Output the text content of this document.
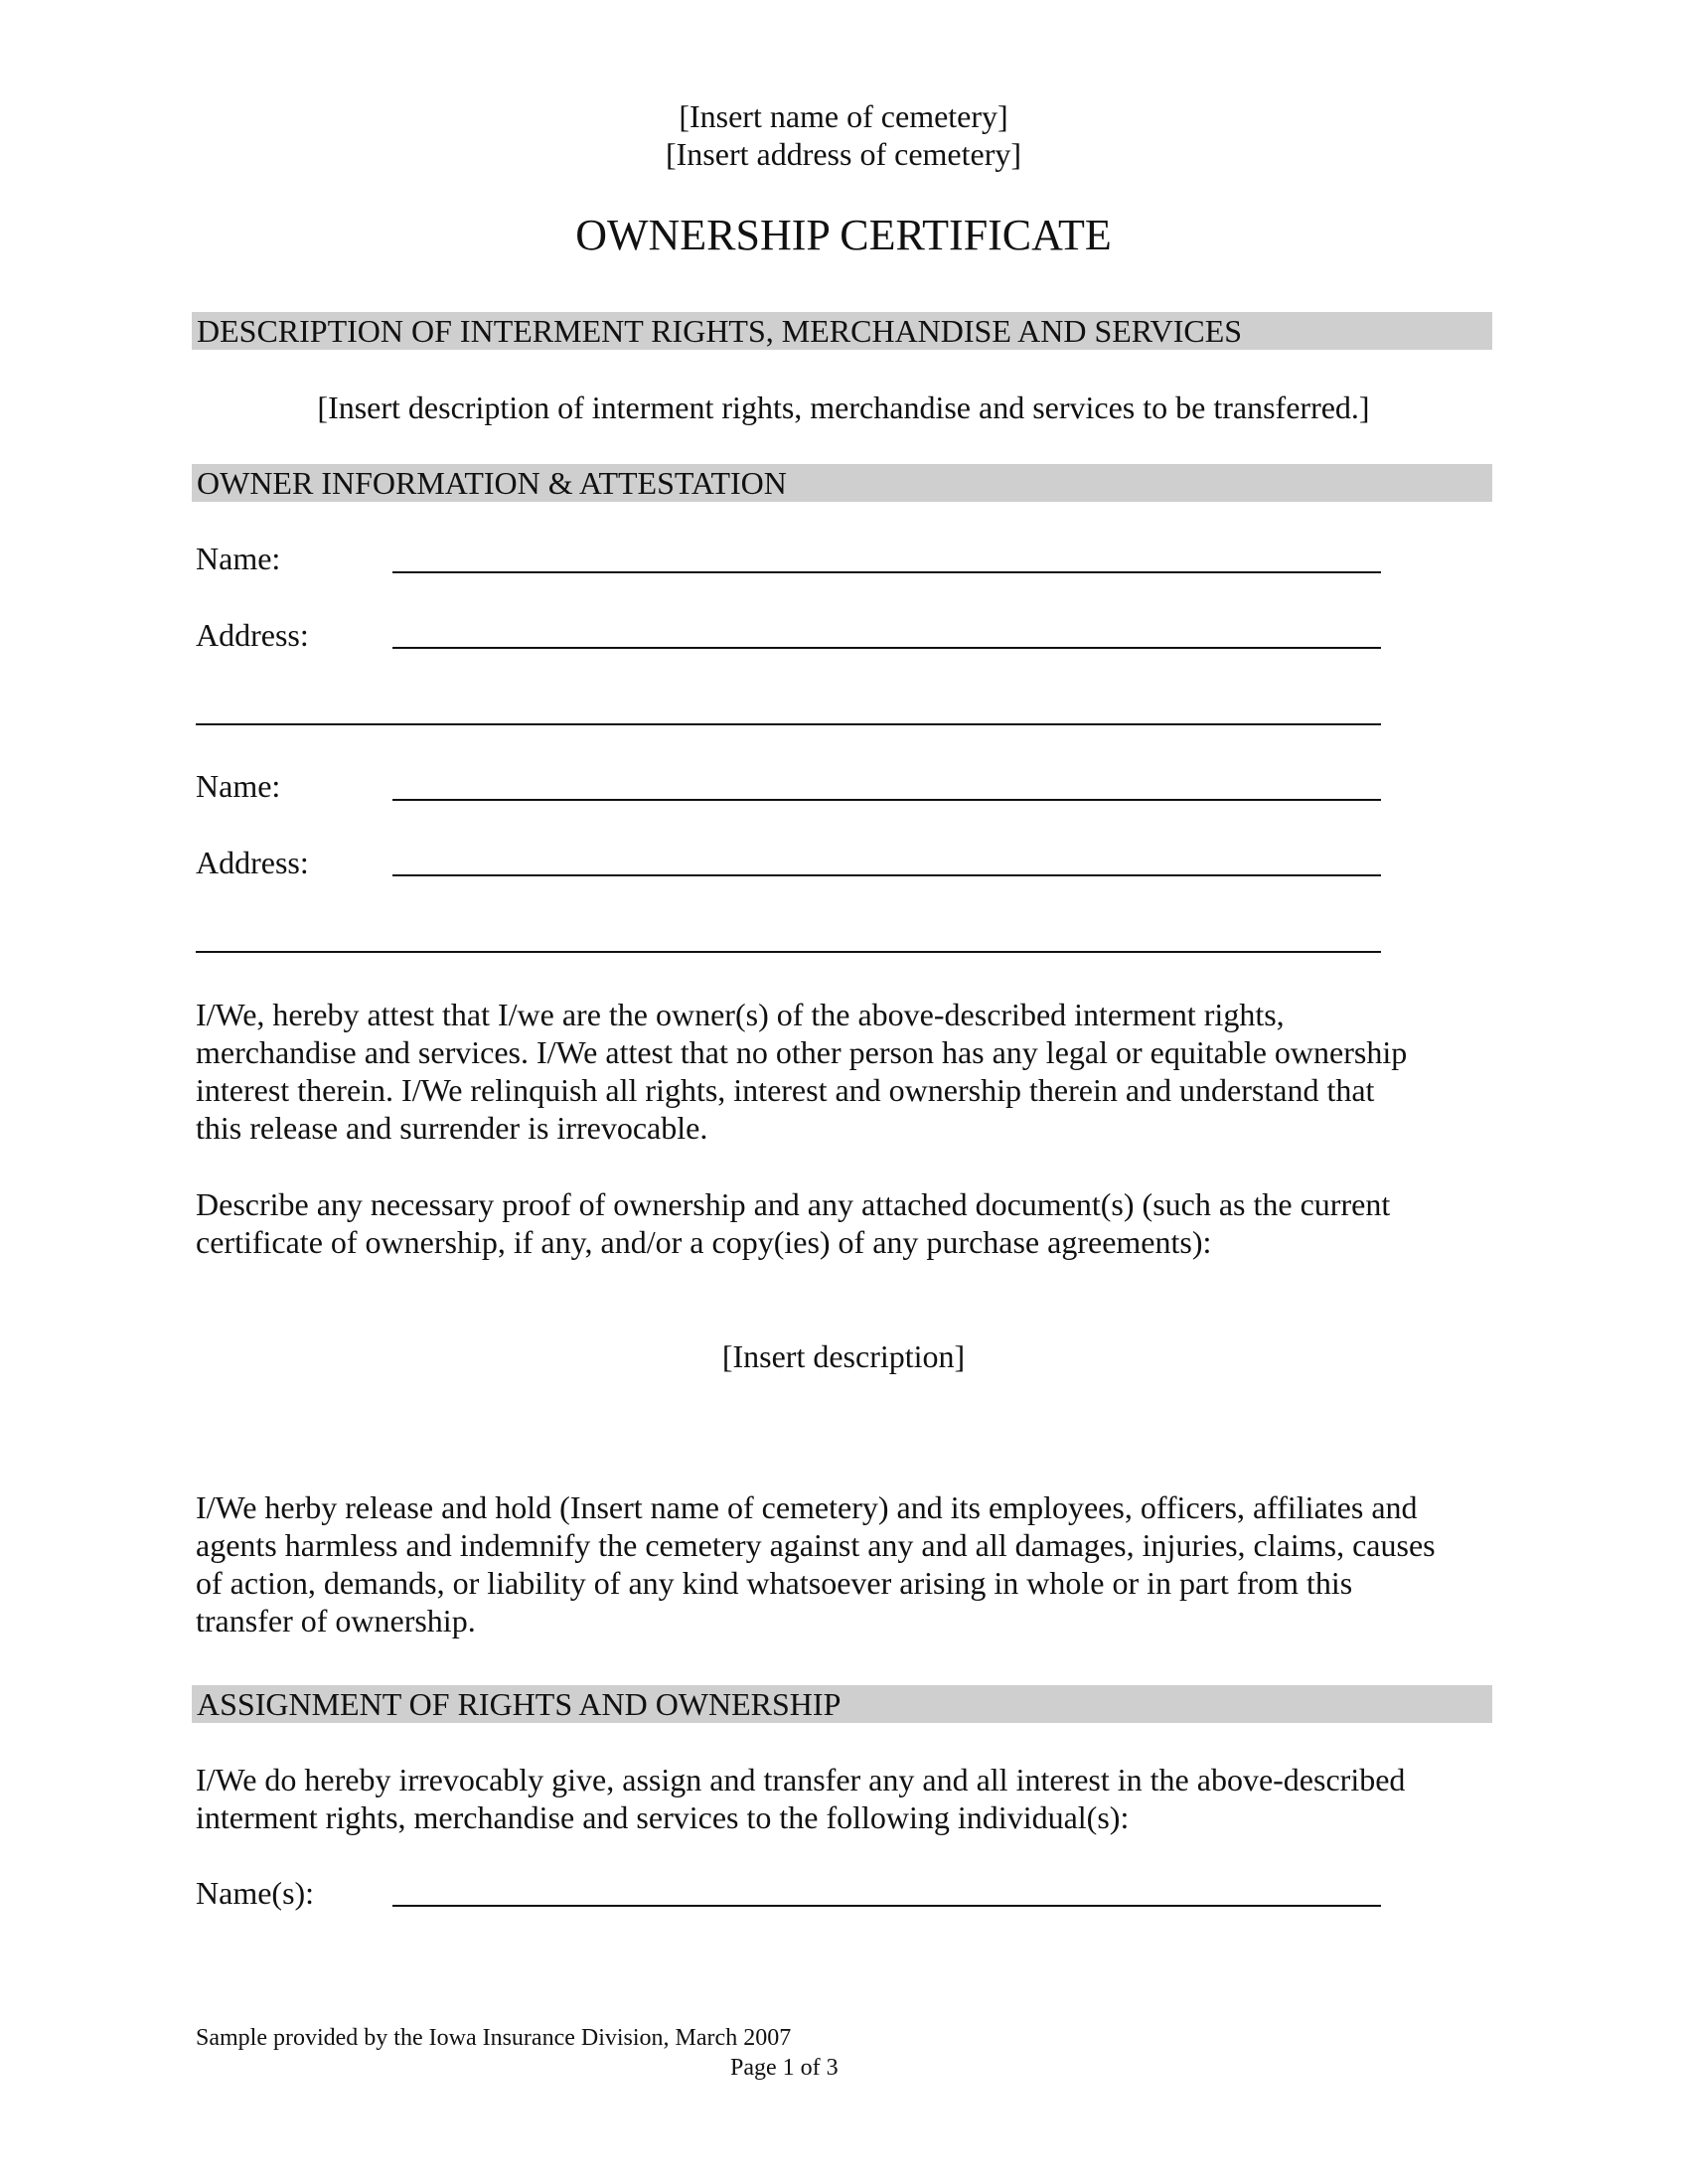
[Insert name of cemetery]
[Insert address of cemetery]
OWNERSHIP CERTIFICATE
DESCRIPTION OF INTERMENT RIGHTS, MERCHANDISE AND SERVICES
[Insert description of interment rights, merchandise and services to be transferred.]
OWNER INFORMATION & ATTESTATION
Name:
Address:
Name:
Address:
I/We, hereby attest that I/we are the owner(s) of the above-described interment rights,
merchandise and services. I/We attest that no other person has any legal or equitable ownership
interest therein. I/We relinquish all rights, interest and ownership therein and understand that
this release and surrender is irrevocable.
Describe any necessary proof of ownership and any attached document(s) (such as the current
certificate of ownership, if any, and/or a copy(ies) of any purchase agreements):
[Insert description]
I/We herby release and hold (Insert name of cemetery) and its employees, officers, affiliates and
agents harmless and indemnify the cemetery against any and all damages, injuries, claims, causes
of action, demands, or liability of any kind whatsoever arising in whole or in part from this
transfer of ownership.
ASSIGNMENT OF RIGHTS AND OWNERSHIP
I/We do hereby irrevocably give, assign and transfer any and all interest in the above-described
interment rights, merchandise and services to the following individual(s):
Name(s):
Sample provided by the Iowa Insurance Division, March 2007
Page 1 of 3
